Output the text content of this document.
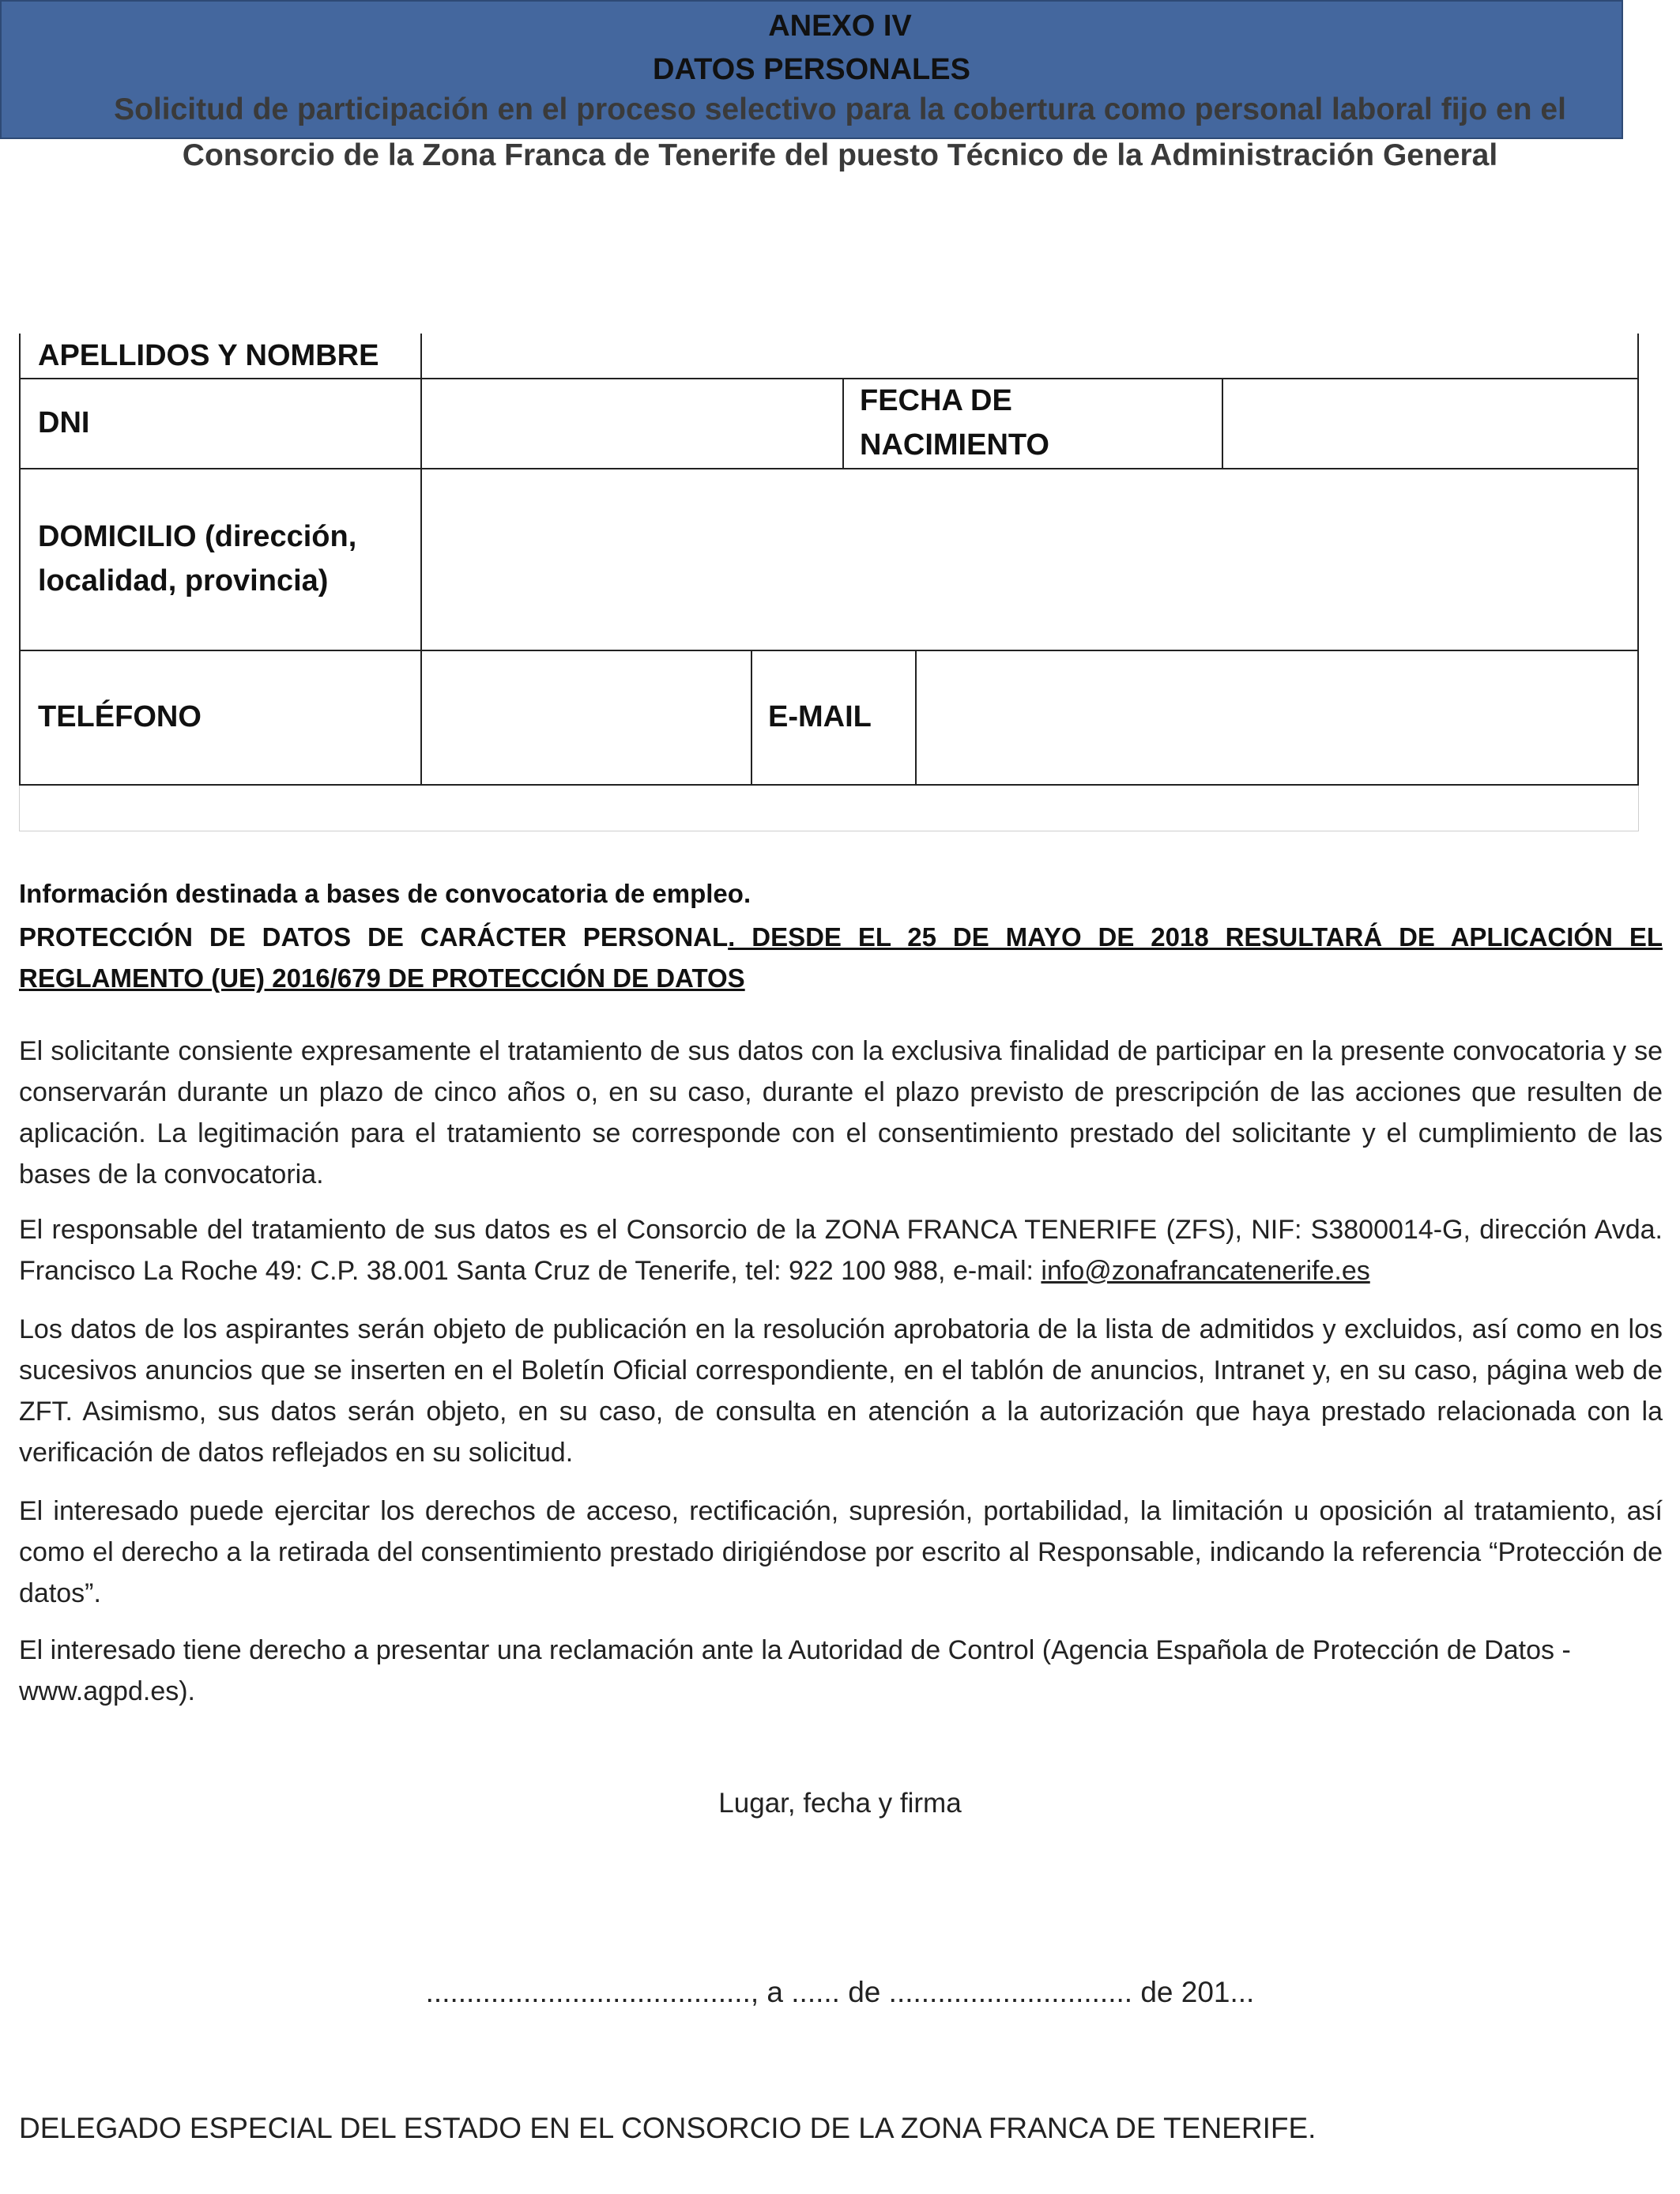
ANEXO IV
Solicitud de participación en el proceso selectivo para la cobertura como personal laboral fijo en el
Consorcio de la Zona Franca de Tenerife del puesto Técnico de la Administración General
DATOS PERSONALES
APELLIDOS Y NOMBRE
DNI
FECHA DE
NACIMIENTO
DOMICILIO (dirección,
localidad, provincia)
TELÉFONO	E-MAIL
Información destinada a bases de convocatoria de empleo.
PROTECCIÓN DE DATOS DE CARÁCTER PERSONAL. DESDE EL 25 DE MAYO DE 2018 RESULTARÁ DE APLICACIÓN EL REGLAMENTO (UE) 2016/679 DE PROTECCIÓN DE DATOS
El solicitante consiente expresamente el tratamiento de sus datos con la exclusiva finalidad de participar en la presente convocatoria y se conservarán durante un plazo de cinco años o, en su caso, durante el plazo previsto de prescripción de las acciones que resulten de aplicación. La legitimación para el tratamiento se corresponde con el consentimiento prestado del solicitante y el cumplimiento de las bases de la convocatoria.
El responsable del tratamiento de sus datos es el Consorcio de la ZONA FRANCA TENERIFE (ZFS), NIF: S3800014-G, dirección Avda. Francisco La Roche 49: C.P. 38.001 Santa Cruz de Tenerife, tel: 922 100 988, e-mail: info@zonafrancatenerife.es
Los datos de los aspirantes serán objeto de publicación en la resolución aprobatoria de la lista de admitidos y excluidos, así como en los sucesivos anuncios que se inserten en el Boletín Oficial correspondiente, en el tablón de anuncios, Intranet y, en su caso, página web de ZFT. Asimismo, sus datos serán objeto, en su caso, de consulta en atención a la autorización que haya prestado relacionada con la verificación de datos reflejados en su solicitud.
El interesado puede ejercitar los derechos de acceso, rectificación, supresión, portabilidad, la limitación u oposición al tratamiento, así como el derecho a la retirada del consentimiento prestado dirigiéndose por escrito al Responsable, indicando la referencia “Protección de datos”.
El interesado tiene derecho a presentar una reclamación ante la Autoridad de Control (Agencia Española de Protección de Datos - www.agpd.es).
Lugar, fecha y firma
........................................, a ...... de .............................. de 201...
DELEGADO ESPECIAL DEL ESTADO EN EL CONSORCIO DE LA ZONA FRANCA DE TENERIFE.
